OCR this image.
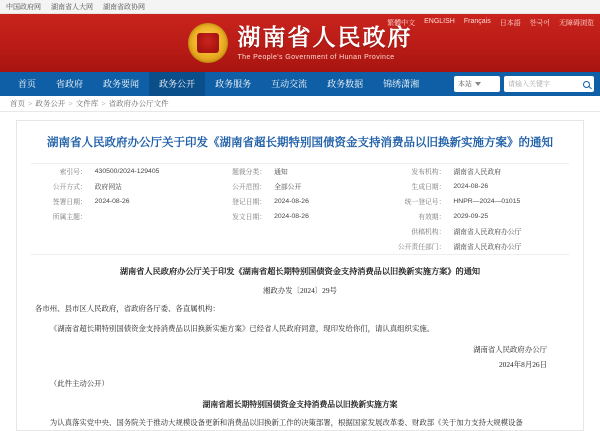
中国政府网 湖南省人大网 湖南省政协网
繁體中文 ENGLISH Français 日本語 한국어 无障碍浏览
湖南省人民政府
The People's Government of Hunan Province
首页	省政府	政务要闻	政务公开	政务服务	互动交流	政务数据	锦绣潇湘	本站	请输入关键字
首页 > 政务公开 > 文件库 > 省政府办公厅文件
湖南省人民政府办公厅关于印发《湖南省超长期特别国债资金支持消费品以旧换新实施方案》的通知
索引号：	430500/2024-129405	题裁分类：	通知	发布机构：	湖南省人民政府
公开方式：	政府网站	公开范围：	全部公开	生成日期：	2024-08-26
签署日期：	2024-08-26	登记日期：	2024-08-26	统一登记号：	HNPR—2024—01015
所属主题：		发文日期：	2024-08-26	有效期：	2029-09-25
				供稿机构：	湖南省人民政府办公厅
				公开责任部门：	湖南省人民政府办公厅
湖南省人民政府办公厅关于印发《湖南省超长期特别国债资金支持消费品以旧换新实施方案》的通知
湘政办发〔2024〕29号
各市州、县市区人民政府，省政府各厅委、各直属机构：
《湖南省超长期特别国债资金支持消费品以旧换新实施方案》已经省人民政府同意，现印发给你们，请认真组织实施。
湖南省人民政府办公厅
2024年8月26日
（此件主动公开）
湖南省超长期特别国债资金支持消费品以旧换新实施方案
为认真落实党中央、国务院关于推动大规模设备更新和消费品以旧换新工作的决策部署，根据国家发展改革委、财政部《关于加力支持大规模设备
